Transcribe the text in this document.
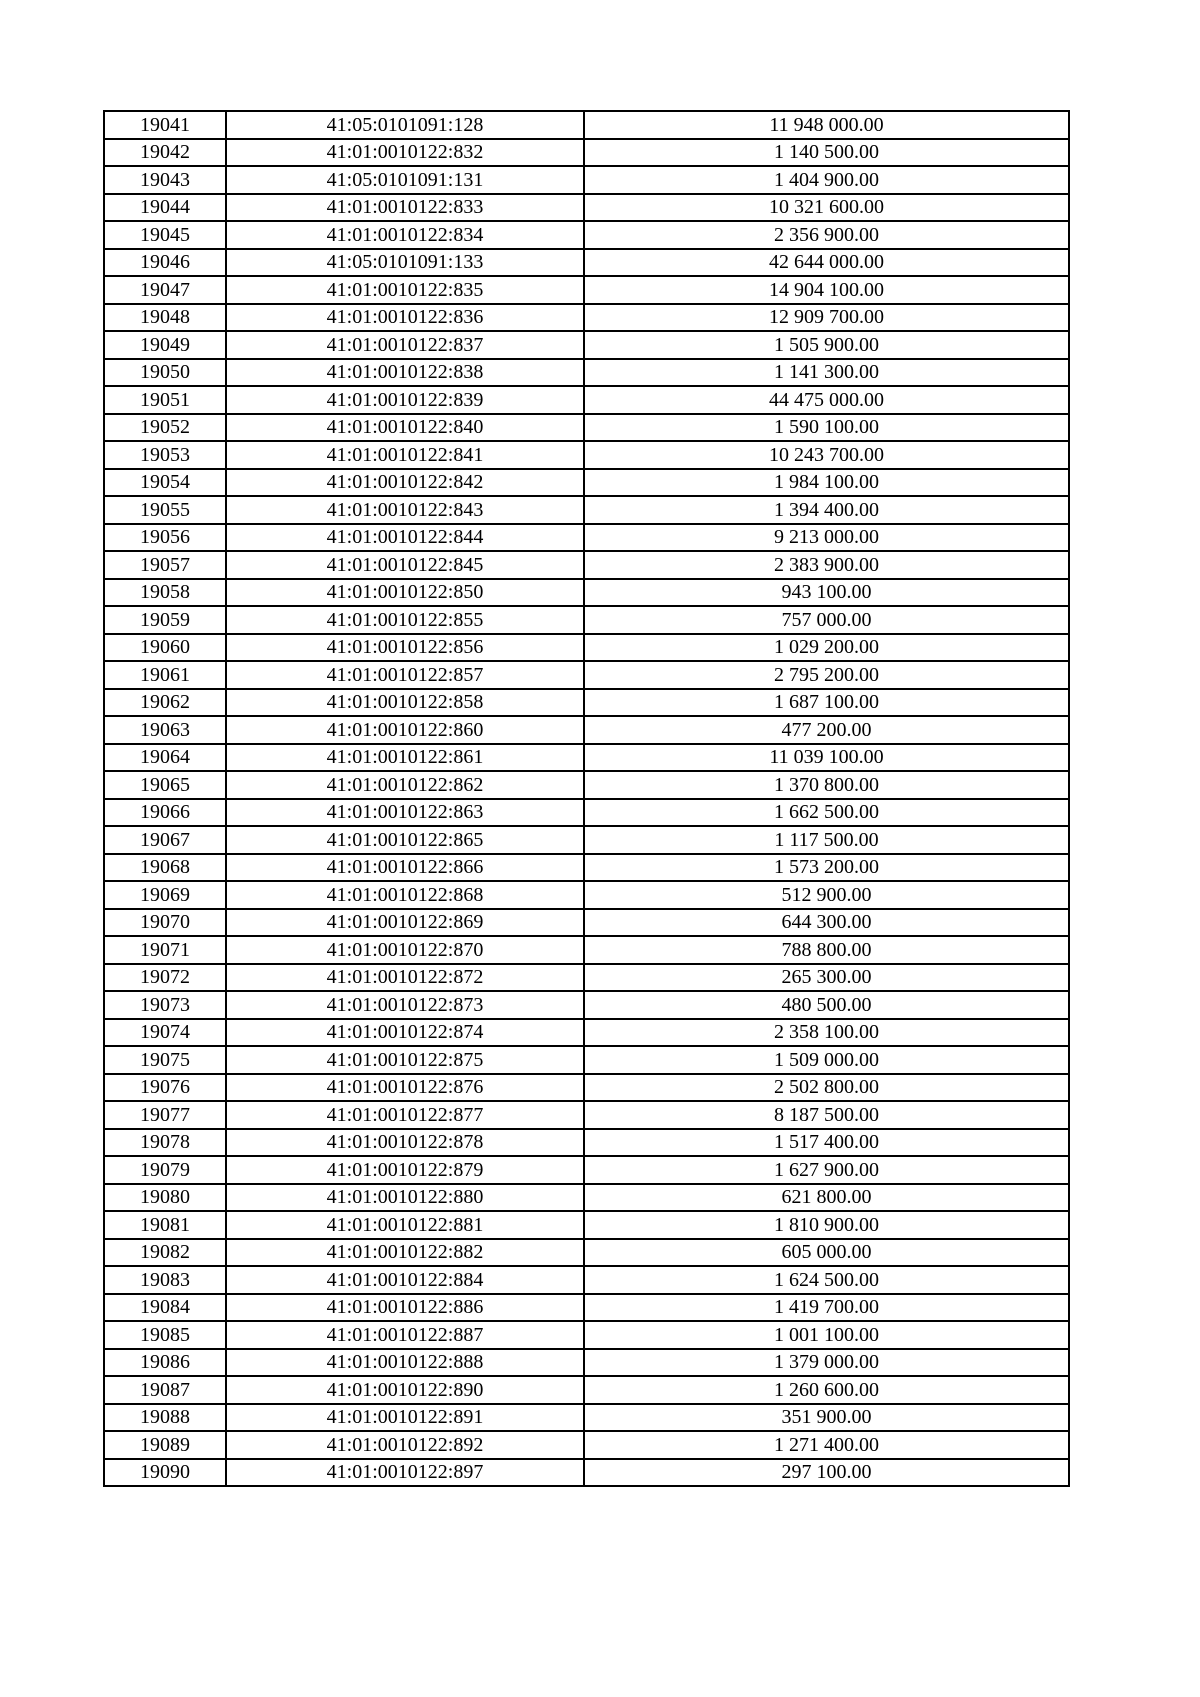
19041	41:05:0101091:128	11 948 000.00
19042	41:01:0010122:832	1 140 500.00
19043	41:05:0101091:131	1 404 900.00
19044	41:01:0010122:833	10 321 600.00
19045	41:01:0010122:834	2 356 900.00
19046	41:05:0101091:133	42 644 000.00
19047	41:01:0010122:835	14 904 100.00
19048	41:01:0010122:836	12 909 700.00
19049	41:01:0010122:837	1 505 900.00
19050	41:01:0010122:838	1 141 300.00
19051	41:01:0010122:839	44 475 000.00
19052	41:01:0010122:840	1 590 100.00
19053	41:01:0010122:841	10 243 700.00
19054	41:01:0010122:842	1 984 100.00
19055	41:01:0010122:843	1 394 400.00
19056	41:01:0010122:844	9 213 000.00
19057	41:01:0010122:845	2 383 900.00
19058	41:01:0010122:850	943 100.00
19059	41:01:0010122:855	757 000.00
19060	41:01:0010122:856	1 029 200.00
19061	41:01:0010122:857	2 795 200.00
19062	41:01:0010122:858	1 687 100.00
19063	41:01:0010122:860	477 200.00
19064	41:01:0010122:861	11 039 100.00
19065	41:01:0010122:862	1 370 800.00
19066	41:01:0010122:863	1 662 500.00
19067	41:01:0010122:865	1 117 500.00
19068	41:01:0010122:866	1 573 200.00
19069	41:01:0010122:868	512 900.00
19070	41:01:0010122:869	644 300.00
19071	41:01:0010122:870	788 800.00
19072	41:01:0010122:872	265 300.00
19073	41:01:0010122:873	480 500.00
19074	41:01:0010122:874	2 358 100.00
19075	41:01:0010122:875	1 509 000.00
19076	41:01:0010122:876	2 502 800.00
19077	41:01:0010122:877	8 187 500.00
19078	41:01:0010122:878	1 517 400.00
19079	41:01:0010122:879	1 627 900.00
19080	41:01:0010122:880	621 800.00
19081	41:01:0010122:881	1 810 900.00
19082	41:01:0010122:882	605 000.00
19083	41:01:0010122:884	1 624 500.00
19084	41:01:0010122:886	1 419 700.00
19085	41:01:0010122:887	1 001 100.00
19086	41:01:0010122:888	1 379 000.00
19087	41:01:0010122:890	1 260 600.00
19088	41:01:0010122:891	351 900.00
19089	41:01:0010122:892	1 271 400.00
19090	41:01:0010122:897	297 100.00
